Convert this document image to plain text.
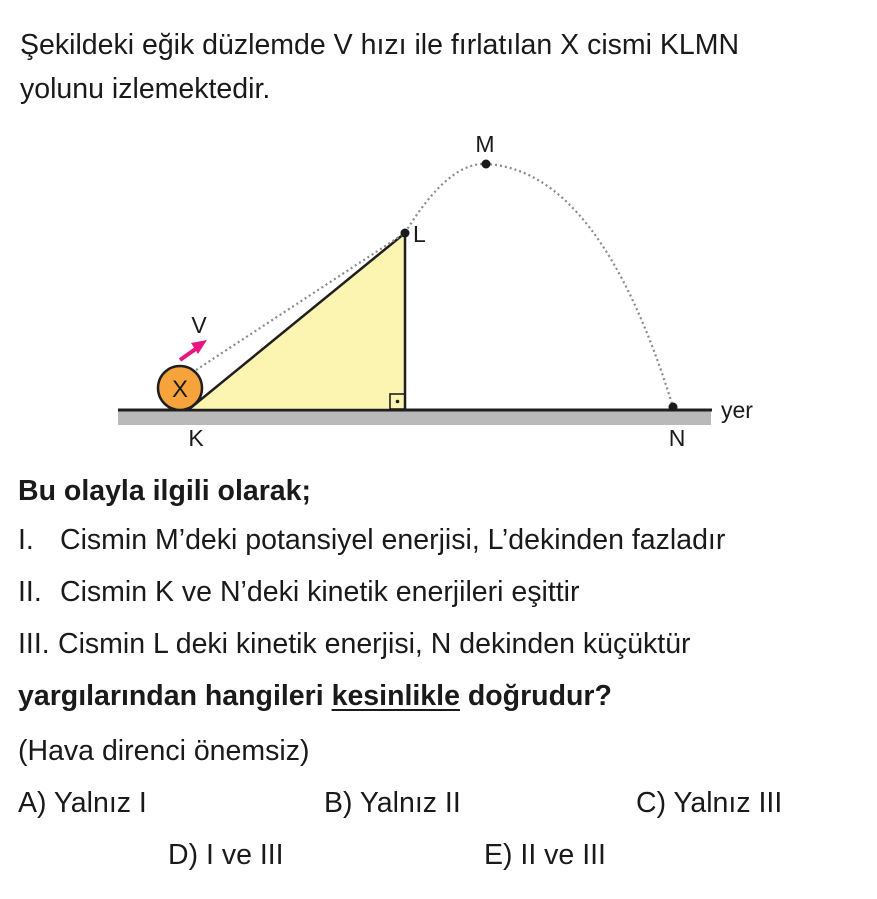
Şekildeki eğik düzlemde V hızı ile fırlatılan X cismi KLMN
yolunu izlemektedir.
X
V
M
L
K	N
yer
Bu olayla ilgili olarak;
I. Cismin M’deki potansiyel enerjisi, L’dekinden fazladır
II. Cismin K ve N’deki kinetik enerjileri eşittir
III. Cismin L deki kinetik enerjisi, N dekinden küçüktür
yargılarından hangileri kesinlikle doğrudur?
(Hava direnci önemsiz)
A) Yalnız I	B) Yalnız II	C) Yalnız III
D) I ve III	E) II ve III
